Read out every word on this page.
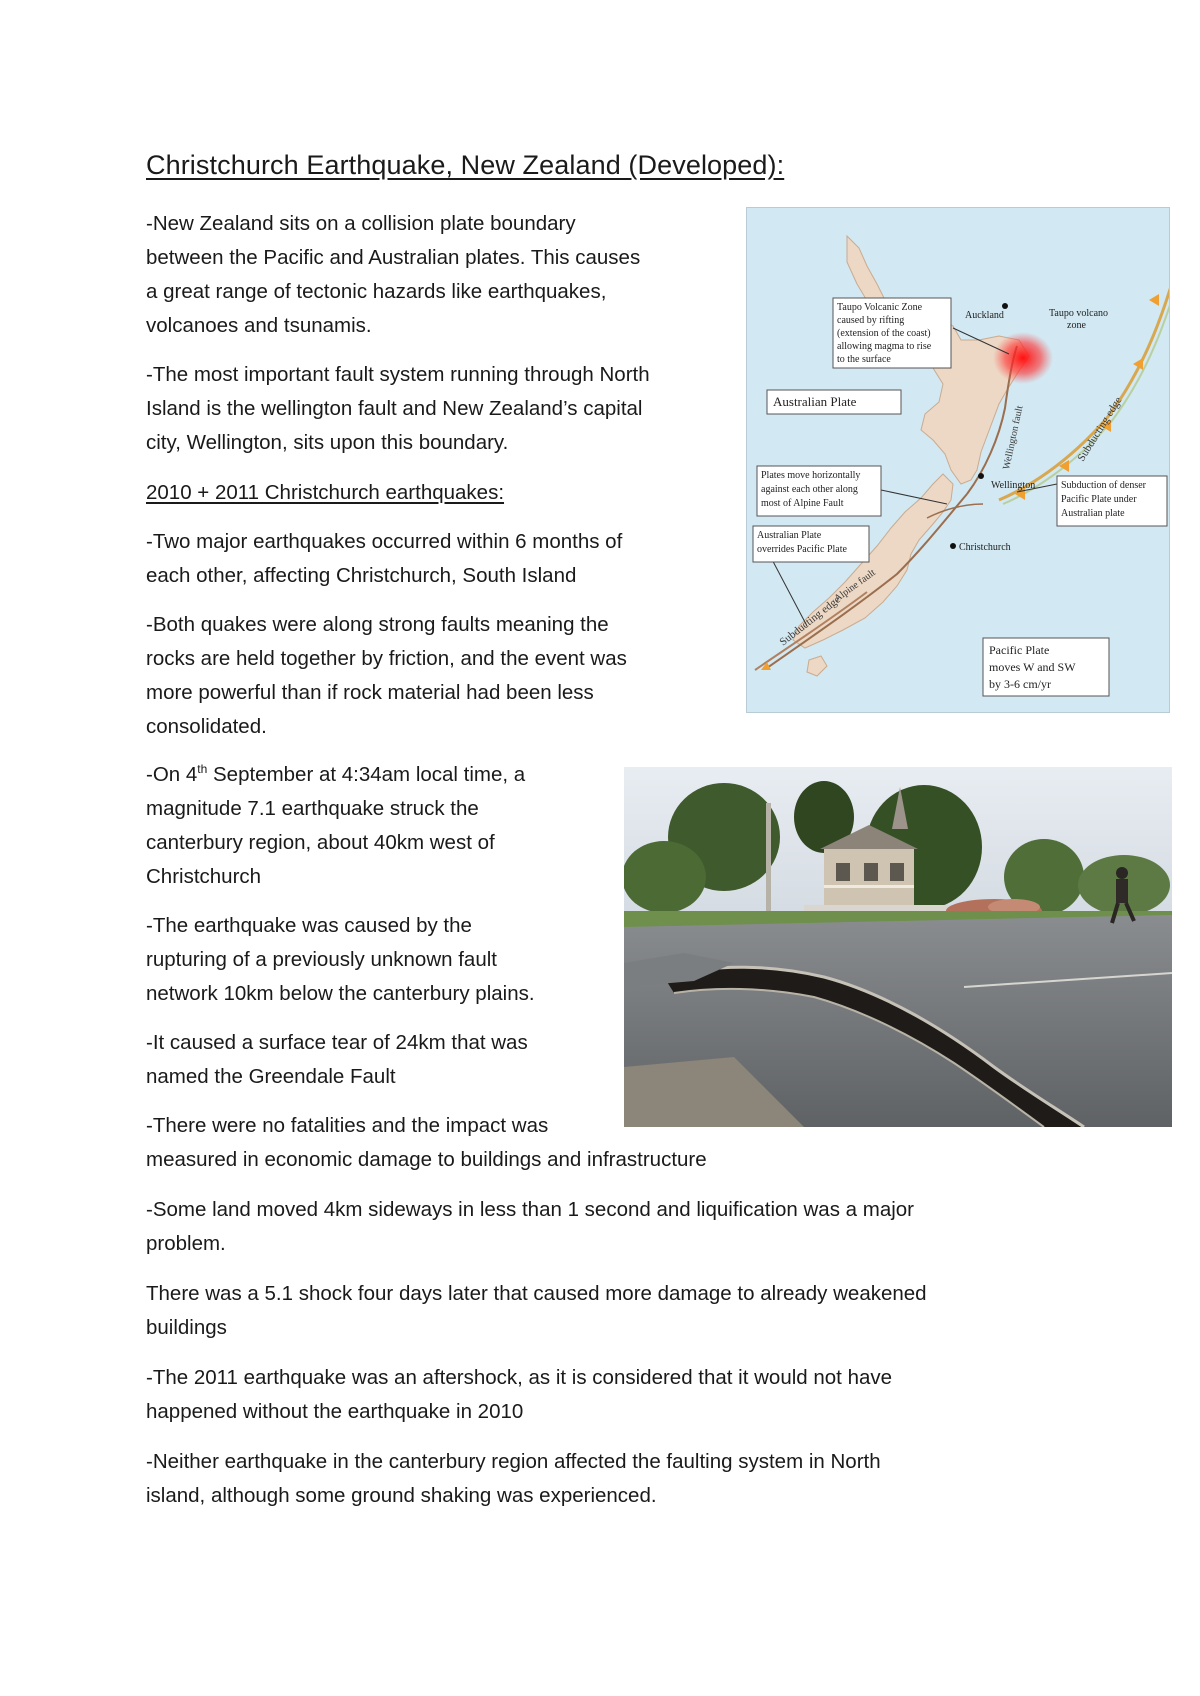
Christchurch Earthquake, New Zealand (Developed):
-New Zealand sits on a collision plate boundary
between the Pacific and Australian plates. This causes
a great range of tectonic hazards like earthquakes,
volcanoes and tsunamis.
-The most important fault system running through North
Island is the wellington fault and New Zealand’s capital
city, Wellington, sits upon this boundary.
2010 + 2011 Christchurch earthquakes:
-Two major earthquakes occurred within 6 months of
each other, affecting Christchurch, South Island
-Both quakes were along strong faults meaning the
rocks are held together by friction, and the event was
more powerful than if rock material had been less
consolidated.
-On 4th September at 4:34am local time, a
magnitude 7.1 earthquake struck the
canterbury region, about 40km west of
Christchurch
-The earthquake was caused by the
rupturing of a previously unknown fault
network 10km below the canterbury plains.
-It caused a surface tear of 24km that was
named the Greendale Fault
-There were no fatalities and the impact was
measured in economic damage to buildings and infrastructure
-Some land moved 4km sideways in less than 1 second and liquification was a major
problem.
There was a 5.1 shock four days later that caused more damage to already weakened
buildings
-The 2011 earthquake was an aftershock, as it is considered that it would not have
happened without the earthquake in 2010
-Neither earthquake in the canterbury region affected the faulting system in North
island, although some ground shaking was experienced.
Taupo Volcanic Zone caused by rifting (extension of the coast) allowing magma to rise to the surface
Auckland	Taupo volcano zone
Australian Plate
Wellington fault	Subducting edge
Plates move horizontally against each other along most of Alpine Fault
Wellington	Subduction of denser Pacific Plate under Australian plate
Australian Plate overrides Pacific Plate	Christchurch
Subducting edge
Alpine fault
Pacific Plate moves W and SW by 3-6 cm/yr
